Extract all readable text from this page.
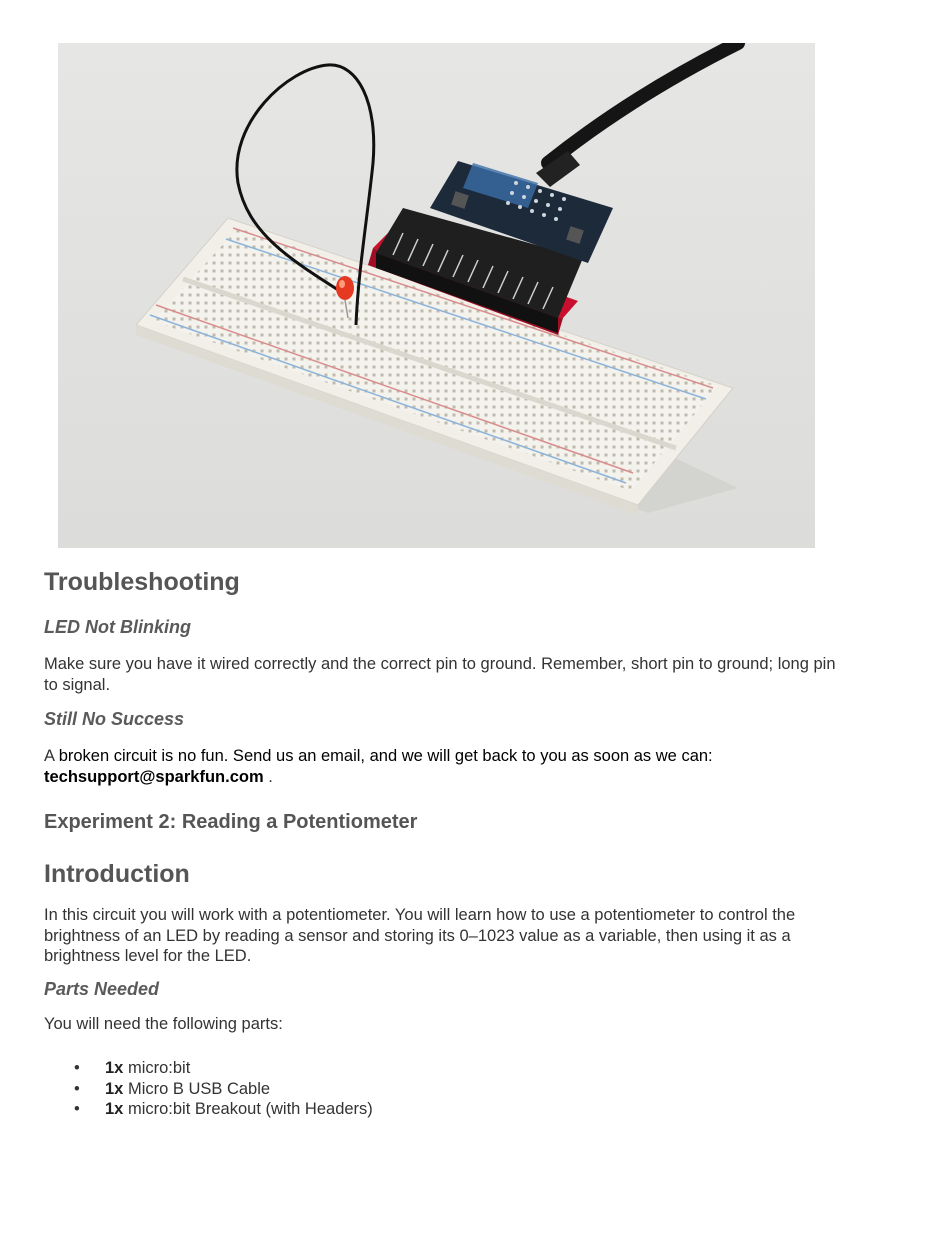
Troubleshooting
LED Not Blinking

Make sure you have it wired correctly and the correct pin to ground. Remember, short pin to ground; long pin to signal.

Still No Success

A broken circuit is no fun. Send us an email, and we will get back to you as soon as we can: techsupport@sparkfun.com .

Experiment 2: Reading a Potentiometer
Introduction

In this circuit you will work with a potentiometer. You will learn how to use a potentiometer to control the brightness of an LED by reading a sensor and storing its 0–1023 value as a variable, then using it as a brightness level for the LED.

Parts Needed

You will need the following parts:

• 1x micro:bit
• 1x Micro B USB Cable
• 1x micro:bit Breakout (with Headers)
